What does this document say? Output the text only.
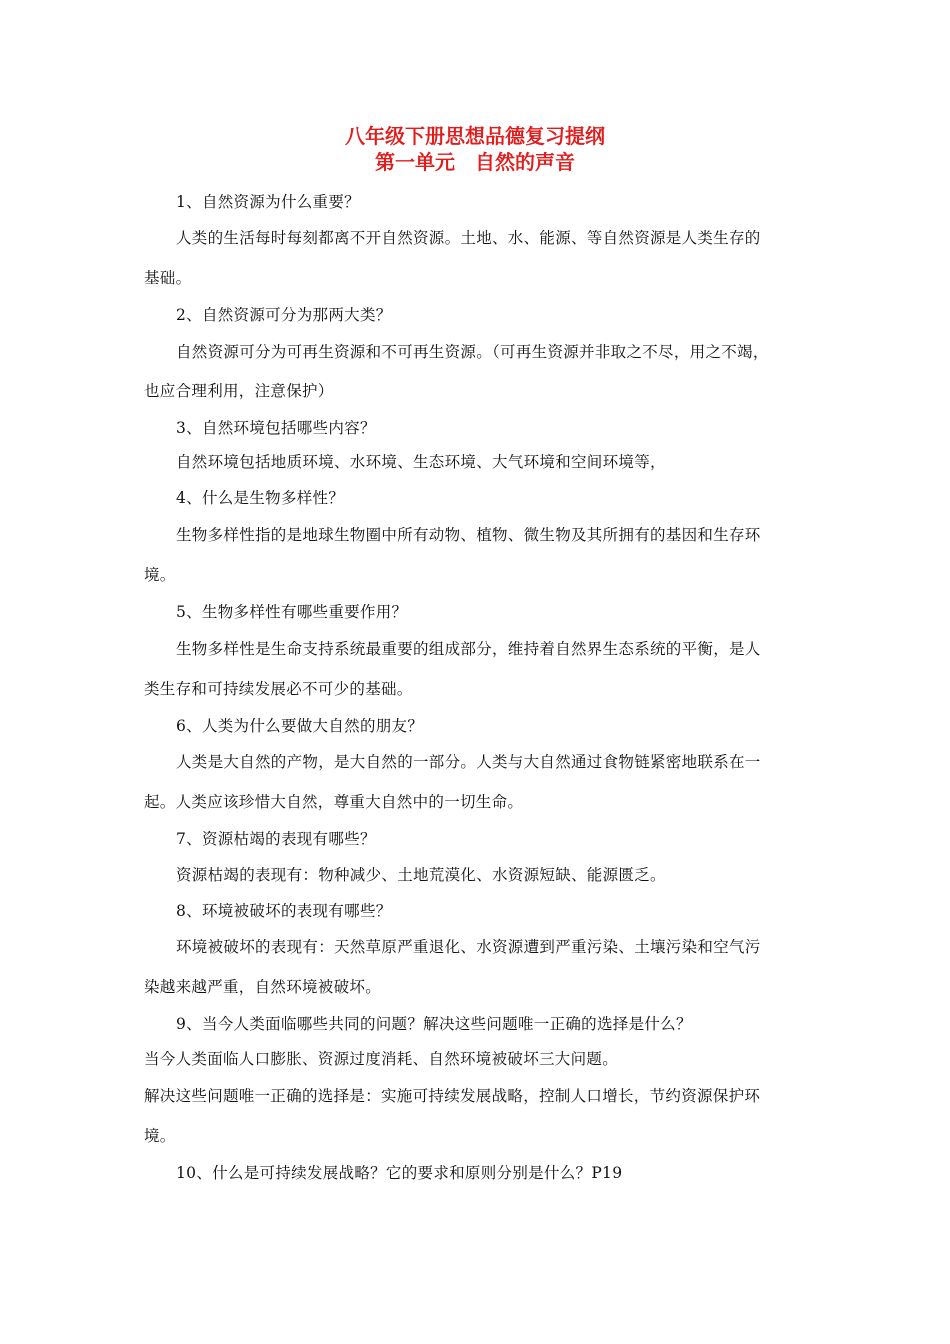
八年级下册思想品德复习提纲
第一单元　自然的声音
1、自然资源为什么重要？
人类的生活每时每刻都离不开自然资源。土地、水、能源、等自然资源是人类生存的
基础。
2、自然资源可分为那两大类？
自然资源可分为可再生资源和不可再生资源。（可再生资源并非取之不尽，用之不竭，
也应合理利用，注意保护）
3、自然环境包括哪些内容？
自然环境包括地质环境、水环境、生态环境、大气环境和空间环境等，
4、什么是生物多样性？
生物多样性指的是地球生物圈中所有动物、植物、微生物及其所拥有的基因和生存环
境。
5、生物多样性有哪些重要作用？
生物多样性是生命支持系统最重要的组成部分，维持着自然界生态系统的平衡，是人
类生存和可持续发展必不可少的基础。
6、人类为什么要做大自然的朋友？
人类是大自然的产物，是大自然的一部分。人类与大自然通过食物链紧密地联系在一
起。人类应该珍惜大自然，尊重大自然中的一切生命。
7、资源枯竭的表现有哪些？
资源枯竭的表现有：物种减少、土地荒漠化、水资源短缺、能源匮乏。
8、环境被破坏的表现有哪些？
环境被破坏的表现有：天然草原严重退化、水资源遭到严重污染、土壤污染和空气污
染越来越严重，自然环境被破坏。
9、当今人类面临哪些共同的问题？解决这些问题唯一正确的选择是什么？
当今人类面临人口膨胀、资源过度消耗、自然环境被破坏三大问题。
解决这些问题唯一正确的选择是：实施可持续发展战略，控制人口增长，节约资源保护环
境。
10、什么是可持续发展战略？它的要求和原则分别是什么？P19
